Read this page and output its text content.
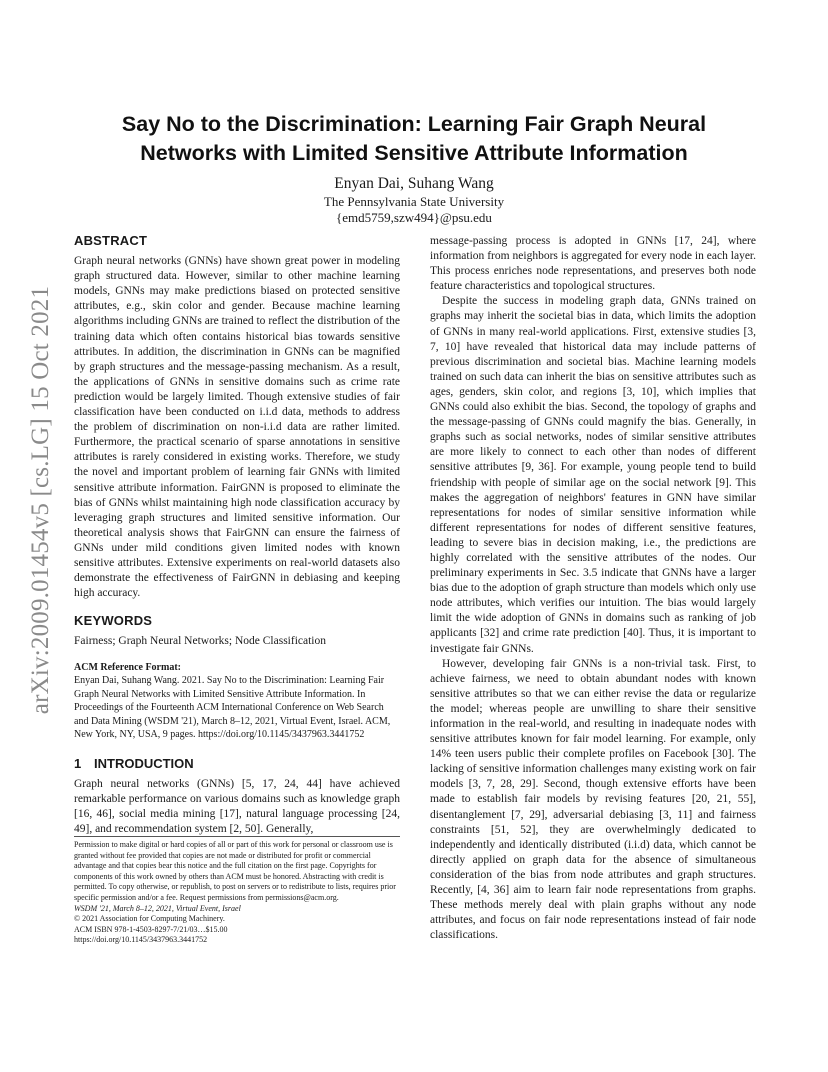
arXiv:2009.01454v5 [cs.LG] 15 Oct 2021
Say No to the Discrimination: Learning Fair Graph Neural
Networks with Limited Sensitive Attribute Information
Enyan Dai, Suhang Wang
The Pennsylvania State University
{emd5759,szw494}@psu.edu
ABSTRACT

Graph neural networks (GNNs) have shown great power in modeling graph structured data. However, similar to other machine learning models, GNNs may make predictions biased on protected sensitive attributes, e.g., skin color and gender. Because machine learning algorithms including GNNs are trained to reflect the distribution of the training data which often contains historical bias towards sensitive attributes. In addition, the discrimination in GNNs can be magnified by graph structures and the message-passing mechanism. As a result, the applications of GNNs in sensitive domains such as crime rate prediction would be largely limited. Though extensive studies of fair classification have been conducted on i.i.d data, methods to address the problem of discrimination on non-i.i.d data are rather limited. Furthermore, the practical scenario of sparse annotations in sensitive attributes is rarely considered in existing works. Therefore, we study the novel and important problem of learning fair GNNs with limited sensitive attribute information. FairGNN is proposed to eliminate the bias of GNNs whilst maintaining high node classification accuracy by leveraging graph structures and limited sensitive information. Our theoretical analysis shows that FairGNN can ensure the fairness of GNNs under mild conditions given limited nodes with known sensitive attributes. Extensive experiments on real-world datasets also demonstrate the effectiveness of FairGNN in debiasing and keeping high accuracy.

KEYWORDS

Fairness; Graph Neural Networks; Node Classification

ACM Reference Format:

Enyan Dai, Suhang Wang. 2021. Say No to the Discrimination: Learning Fair Graph Neural Networks with Limited Sensitive Attribute Information. In Proceedings of the Fourteenth ACM International Conference on Web Search and Data Mining (WSDM '21), March 8–12, 2021, Virtual Event, Israel. ACM, New York, NY, USA, 9 pages. https://doi.org/10.1145/3437963.3441752

1 INTRODUCTION

Graph neural networks (GNNs) [5, 17, 24, 44] have achieved remarkable performance on various domains such as knowledge graph [16, 46], social media mining [17], natural language processing [24, 49], and recommendation system [2, 50]. Generally,

Permission to make digital or hard copies of all or part of this work for personal or classroom use is granted without fee provided that copies are not made or distributed for profit or commercial advantage and that copies bear this notice and the full citation on the first page. Copyrights for components of this work owned by others than ACM must be honored. Abstracting with credit is permitted. To copy otherwise, or republish, to post on servers or to redistribute to lists, requires prior specific permission and/or a fee. Request permissions from permissions@acm.org.

WSDM '21, March 8–12, 2021, Virtual Event, Israel

© 2021 Association for Computing Machinery.

ACM ISBN 978-1-4503-8297-7/21/03…$15.00

https://doi.org/10.1145/3437963.3441752

message-passing process is adopted in GNNs [17, 24], where information from neighbors is aggregated for every node in each layer. This process enriches node representations, and preserves both node feature characteristics and topological structures.

Despite the success in modeling graph data, GNNs trained on graphs may inherit the societal bias in data, which limits the adoption of GNNs in many real-world applications. First, extensive studies [3, 7, 10] have revealed that historical data may include patterns of previous discrimination and societal bias. Machine learning models trained on such data can inherit the bias on sensitive attributes such as ages, genders, skin color, and regions [3, 10], which implies that GNNs could also exhibit the bias. Second, the topology of graphs and the message-passing of GNNs could magnify the bias. Generally, in graphs such as social networks, nodes of similar sensitive attributes are more likely to connect to each other than nodes of different sensitive attributes [9, 36]. For example, young people tend to build friendship with people of similar age on the social network [9]. This makes the aggregation of neighbors' features in GNN have similar representations for nodes of similar sensitive information while different representations for nodes of different sensitive features, leading to severe bias in decision making, i.e., the predictions are highly correlated with the sensitive attributes of the nodes. Our preliminary experiments in Sec. 3.5 indicate that GNNs have a larger bias due to the adoption of graph structure than models which only use node attributes, which verifies our intuition. The bias would largely limit the wide adoption of GNNs in domains such as ranking of job applicants [32] and crime rate prediction [40]. Thus, it is important to investigate fair GNNs.

However, developing fair GNNs is a non-trivial task. First, to achieve fairness, we need to obtain abundant nodes with known sensitive attributes so that we can either revise the data or regularize the model; whereas people are unwilling to share their sensitive information in the real-world, and resulting in inadequate nodes with sensitive attributes known for fair model learning. For example, only 14% teen users public their complete profiles on Facebook [30]. The lacking of sensitive information challenges many existing work on fair models [3, 7, 28, 29]. Second, though extensive efforts have been made to establish fair models by revising features [20, 21, 55], disentanglement [7, 29], adversarial debiasing [3, 11] and fairness constraints [51, 52], they are overwhelmingly dedicated to independently and identically distributed (i.i.d) data, which cannot be directly applied on graph data for the absence of simultaneous consideration of the bias from node attributes and graph structures. Recently, [4, 36] aim to learn fair node representations from graphs. These methods merely deal with plain graphs without any node attributes, and focus on fair node representations instead of fair node classifications.
